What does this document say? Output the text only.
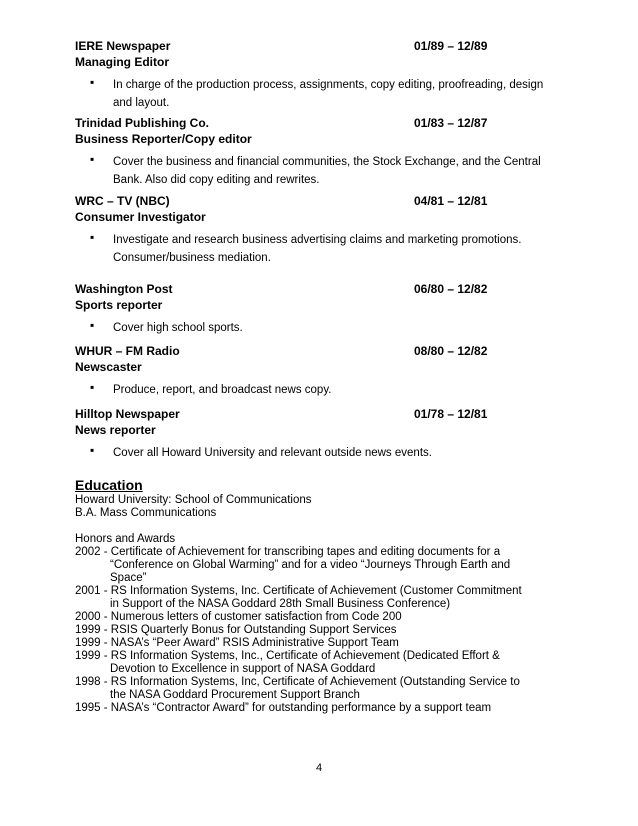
IERE Newspaper	01/89 – 12/89
Managing Editor
▪ In charge of the production process, assignments, copy editing, proofreading, design
and layout.
Trinidad Publishing Co.	01/83 – 12/87
Business Reporter/Copy editor
▪ Cover the business and financial communities, the Stock Exchange, and the Central
Bank. Also did copy editing and rewrites.
WRC – TV (NBC)	04/81 – 12/81
Consumer Investigator
▪ Investigate and research business advertising claims and marketing promotions.
Consumer/business mediation.
Washington Post	06/80 – 12/82
Sports reporter
▪ Cover high school sports.
WHUR – FM Radio	08/80 – 12/82
Newscaster
▪ Produce, report, and broadcast news copy.
Hilltop Newspaper	01/78 – 12/81
News reporter
▪ Cover all Howard University and relevant outside news events.
Education
Howard University: School of Communications
B.A. Mass Communications
Honors and Awards
2002 - Certificate of Achievement for transcribing tapes and editing documents for a
“Conference on Global Warming” and for a video “Journeys Through Earth and
Space”
2001 - RS Information Systems, Inc. Certificate of Achievement (Customer Commitment
in Support of the NASA Goddard 28th Small Business Conference)
2000 - Numerous letters of customer satisfaction from Code 200
1999 - RSIS Quarterly Bonus for Outstanding Support Services
1999 - NASA’s “Peer Award” RSIS Administrative Support Team
1999 - RS Information Systems, Inc., Certificate of Achievement (Dedicated Effort &
Devotion to Excellence in support of NASA Goddard
1998 - RS Information Systems, Inc, Certificate of Achievement (Outstanding Service to
the NASA Goddard Procurement Support Branch
1995 - NASA’s “Contractor Award” for outstanding performance by a support team
4
